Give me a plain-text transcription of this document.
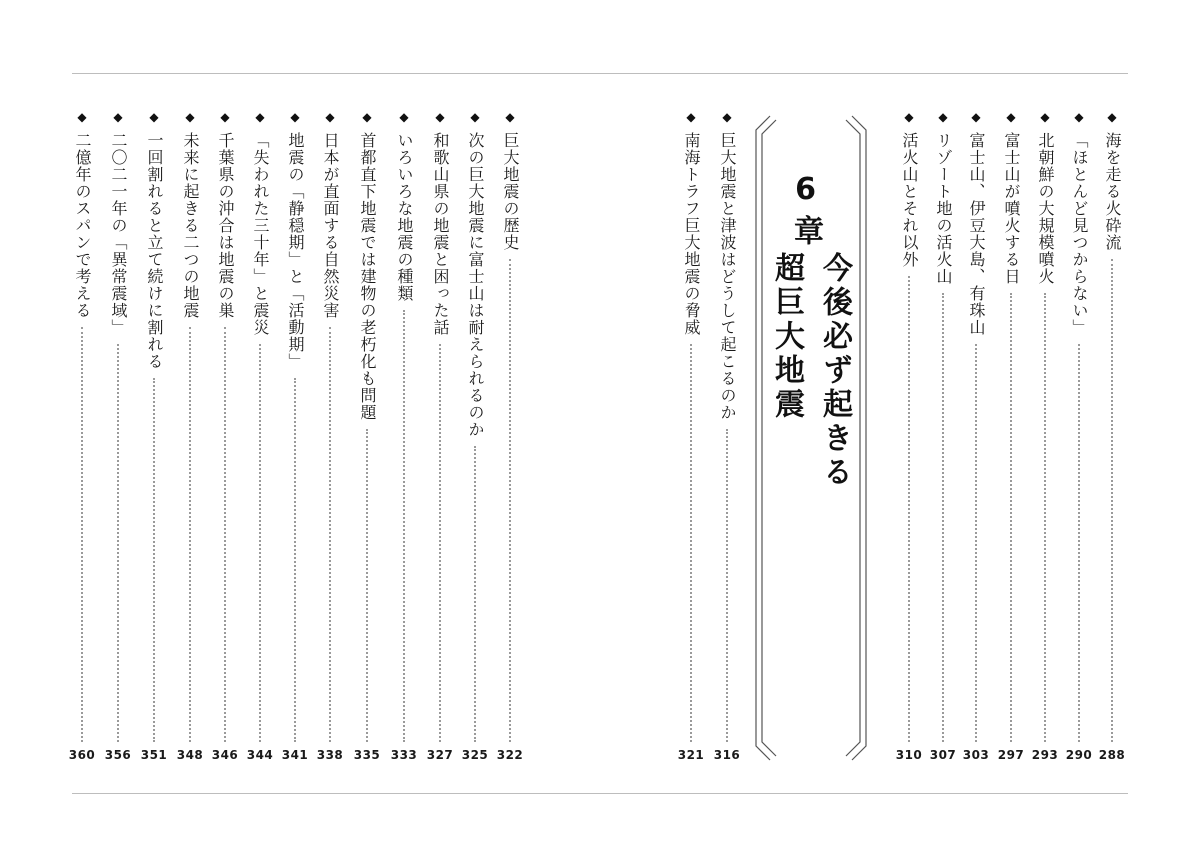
6章
今後必ず起きる
超巨大地震
◆
海を走る火砕流
288
◆
「ほとんど見つからない」
290
◆
北朝鮮の大規模噴火
293
◆
富士山が噴火する日
297
◆
富士山、伊豆大島、有珠山
303
◆
リゾート地の活火山
307
◆
活火山とそれ以外
310
◆
巨大地震と津波はどうして起こるのか
316
◆
南海トラフ巨大地震の脅威
321
◆
巨大地震の歴史
322
◆
次の巨大地震に富士山は耐えられるのか
325
◆
和歌山県の地震と困った話
327
◆
いろいろな地震の種類
333
◆
首都直下地震では建物の老朽化も問題
335
◆
日本が直面する自然災害
338
◆
地震の「静穏期」と「活動期」
341
◆
「失われた三十年」と震災
344
◆
千葉県の沖合は地震の巣
346
◆
未来に起きる二つの地震
348
◆
一回割れると立て続けに割れる
351
◆
二〇二一年の「異常震域」
356
◆
二億年のスパンで考える
360
